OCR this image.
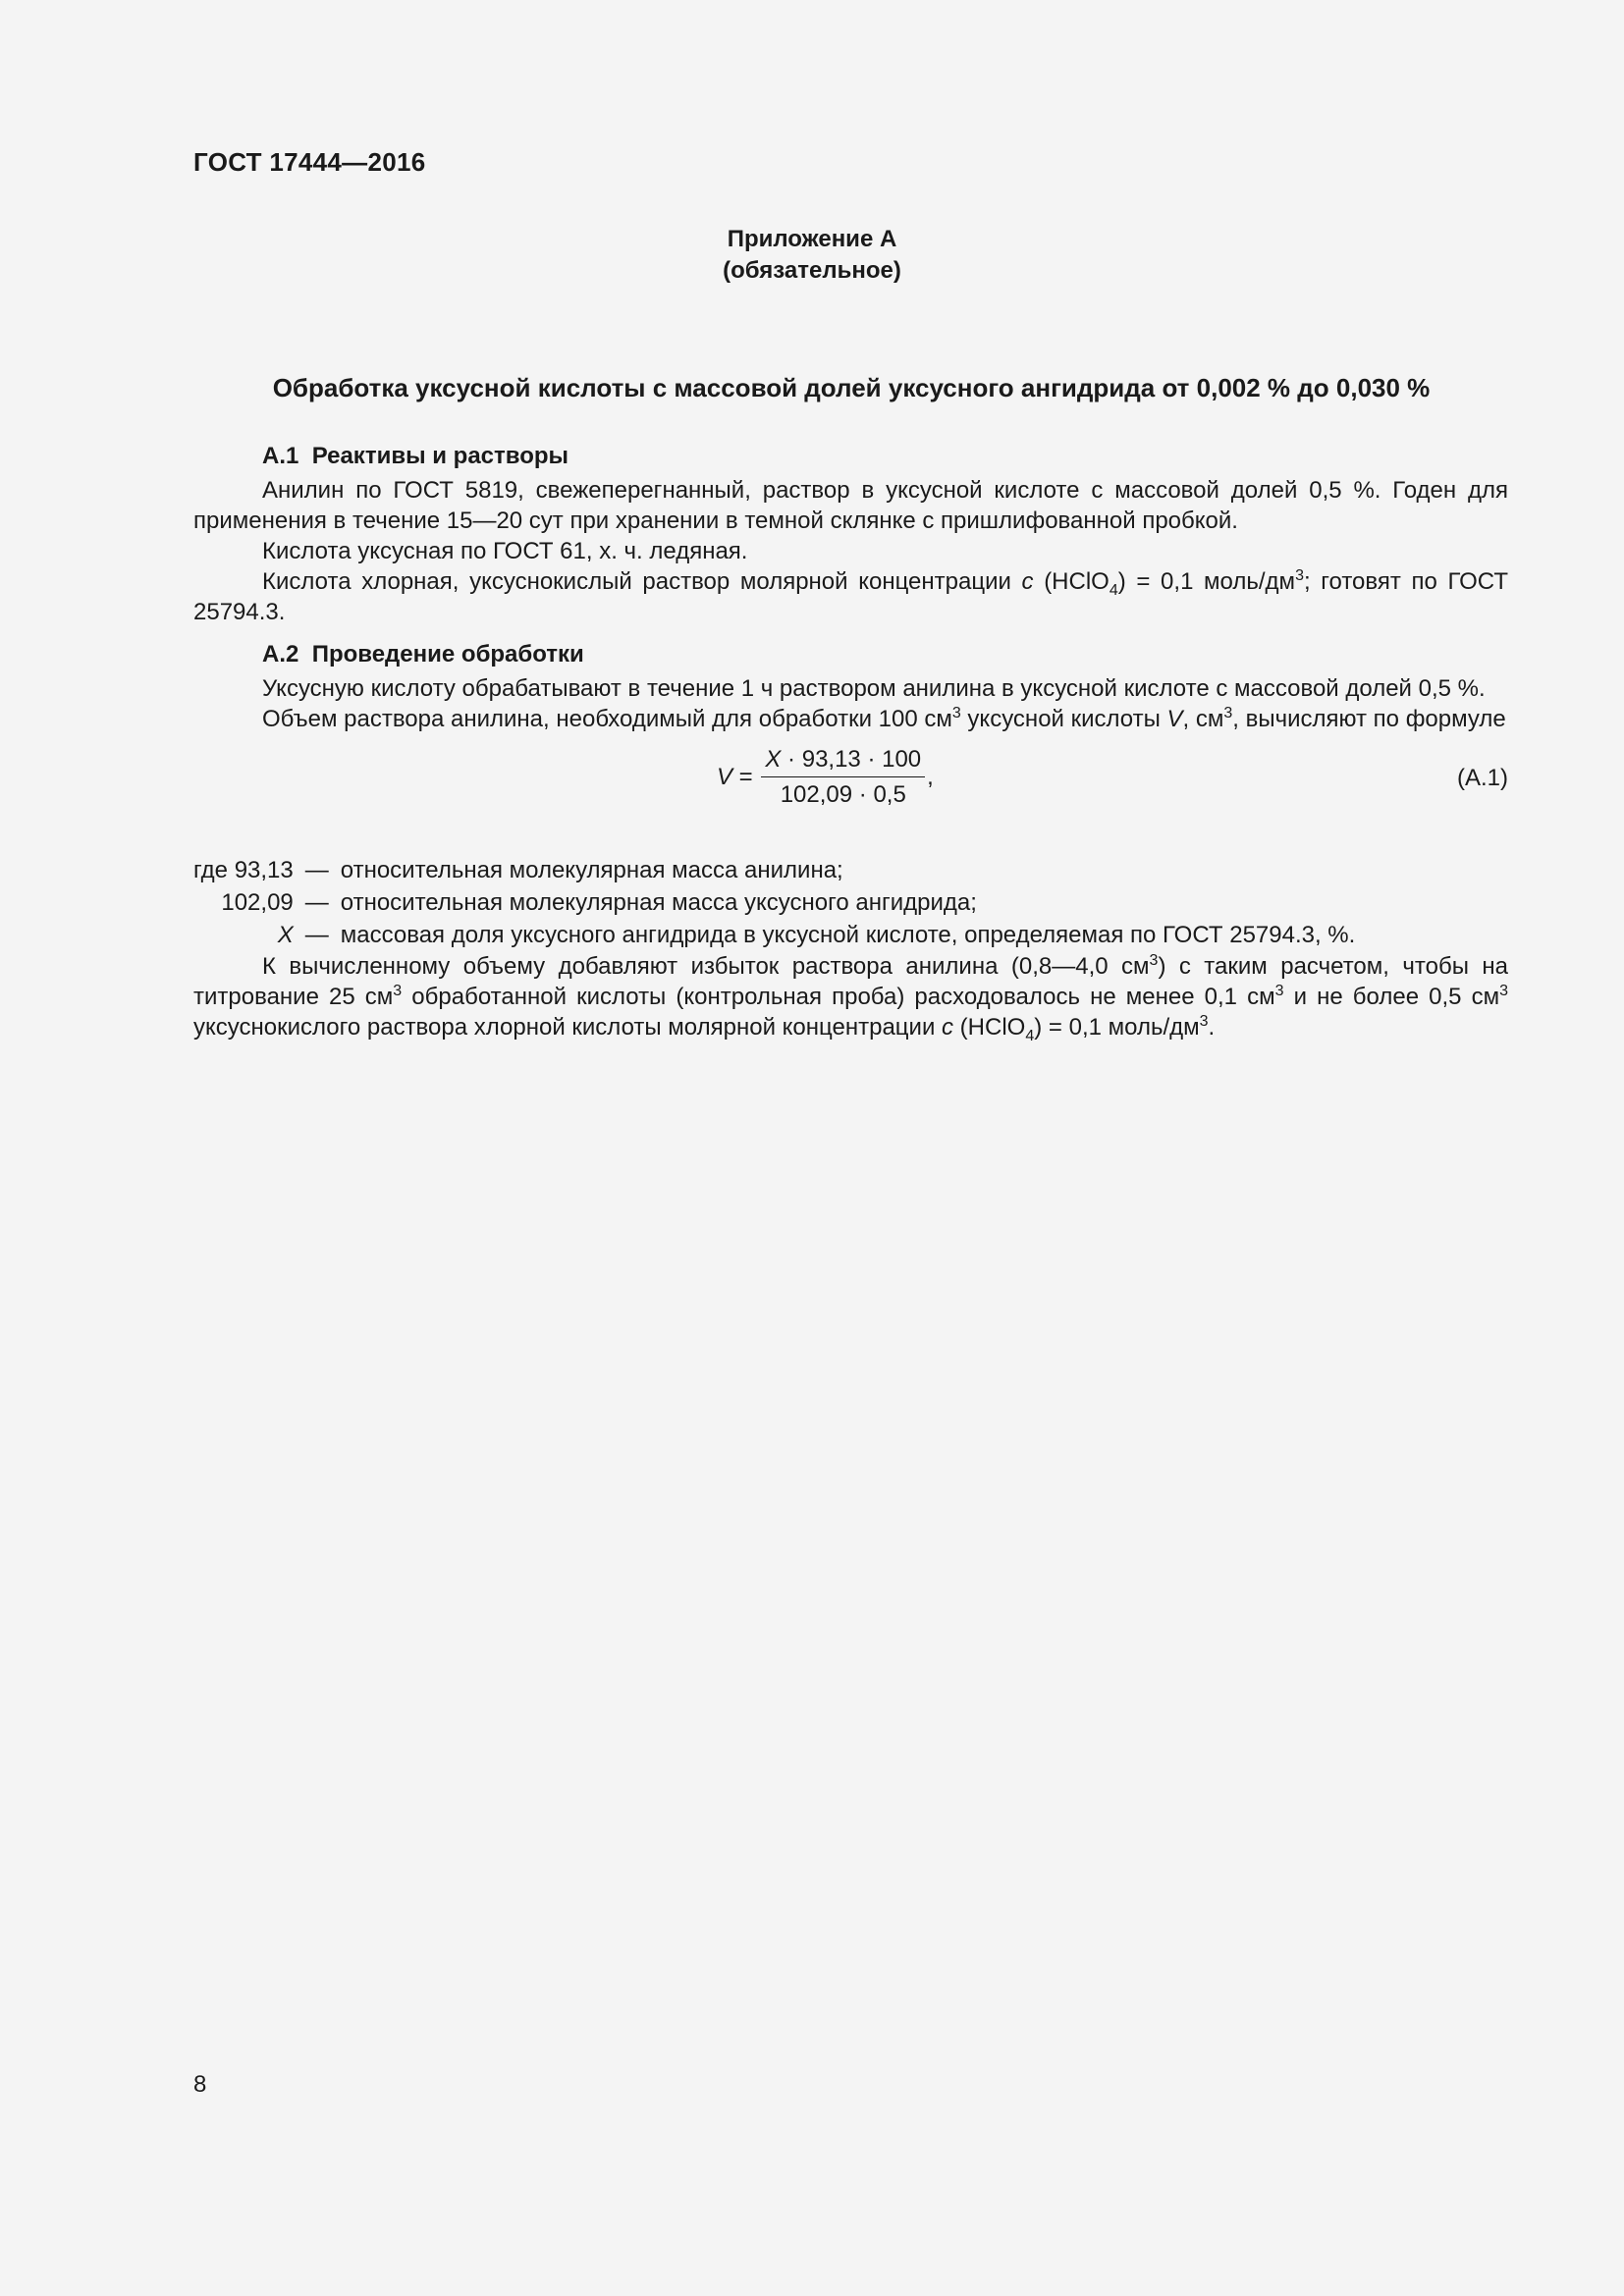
ГОСТ 17444—2016
Приложение А
(обязательное)
Обработка уксусной кислоты с массовой долей уксусного ангидрида от 0,002 % до 0,030 %
А.1 Реактивы и растворы

Анилин по ГОСТ 5819, свежеперегнанный, раствор в уксусной кислоте с массовой долей 0,5 %. Годен для применения в течение 15—20 сут при хранении в темной склянке с пришлифованной пробкой.

Кислота уксусная по ГОСТ 61, х. ч. ледяная.

Кислота хлорная, уксуснокислый раствор молярной концентрации c (HClO$_4$) = 0,1 моль/$дм^3$; готовят по ГОСТ 25794.3.

А.2 Проведение обработки

Уксусную кислоту обрабатывают в течение 1 ч раствором анилина в уксусной кислоте с массовой долей 0,5 %.

Объем раствора анилина, необходимый для обработки 100 $см^3$ уксусной кислоты V, $см^3$, вычисляют по формуле

$V = \frac{X \cdot 93,13 \cdot 100}{102,09 \cdot 0,5}$ ,	(А.1)
где 93,13	—	относительная молекулярная масса анилина;
102,09	—	относительная молекулярная масса уксусного ангидрида;
X	—	массовая доля уксусного ангидрида в уксусной кислоте, определяемая по ГОСТ 25794.3, %.

К вычисленному объему добавляют избыток раствора анилина (0,8—4,0 $см^3$) с таким расчетом, чтобы на титрование 25 $см^3$ обработанной кислоты (контрольная проба) расходовалось не менее 0,1 $см^3$ и не более 0,5 $см^3$ уксуснокислого раствора хлорной кислоты молярной концентрации c (HClO$_4$) = 0,1 моль/$дм^3$.

8
